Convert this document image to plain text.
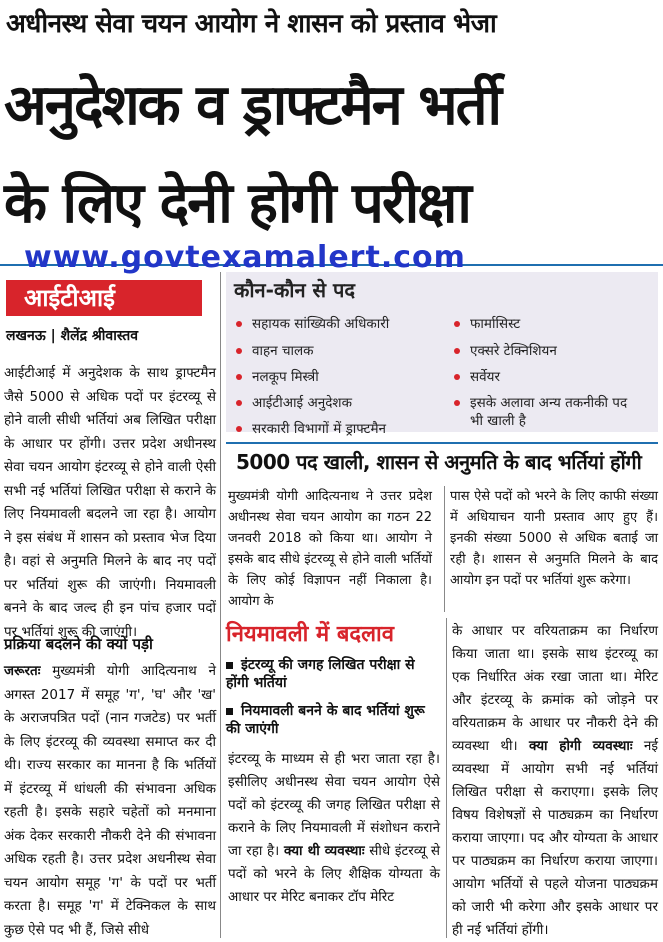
अधीनस्थ सेवा चयन आयोग ने शासन को प्रस्ताव भेजा
अनुदेशक व ड्राफ्टमैन भर्ती
के लिए देनी होगी परीक्षा
www.govtexamalert.com
आईटीआई
लखनऊ | शैलेंद्र श्रीवास्तव
कौन-कौन से पद
सहायक सांख्यिकी अधिकारी
वाहन चालक
नलकूप मिस्त्री
आईटीआई अनुदेशक
सरकारी विभागों में ड्राफ्टमैन
फार्मासिस्ट
एक्सरे टेक्निशियन
सर्वेयर
इसके अलावा अन्य तकनीकी पद
भी खाली है
आईटीआई में अनुदेशक के साथ ड्राफ्टमैन जैसे 5000 से अधिक पदों पर इंटरव्यू से होने वाली सीधी भर्तियां अब लिखित परीक्षा के आधार पर होंगी। उत्तर प्रदेश अधीनस्थ सेवा चयन आयोग इंटरव्यू से होने वाली ऐसी सभी नई भर्तियां लिखित परीक्षा से कराने के लिए नियमावली बदलने जा रहा है। आयोग ने इस संबंध में शासन को प्रस्ताव भेज दिया है। वहां से अनुमति मिलने के बाद नए पदों पर भर्तियां शुरू की जाएंगी। नियमावली बनने के बाद जल्द ही इन पांच हजार पदों पर भर्तियां शुरू की जाएंगी।
प्रक्रिया बदलने की क्यों पड़ी
जरूरतः मुख्यमंत्री योगी आदित्यनाथ ने अगस्त 2017 में समूह 'ग', 'घ' और 'ख' के अराजपत्रित पदों (नान गजटेड) पर भर्ती के लिए इंटरव्यू की व्यवस्था समाप्त कर दी थी। राज्य सरकार का मानना है कि भर्तियों में इंटरव्यू में धांधली की संभावना अधिक रहती है। इसके सहारे चहेतों को मनमाना अंक देकर सरकारी नौकरी देने की संभावना अधिक रहती है। उत्तर प्रदेश अधनीस्थ सेवा चयन आयोग समूह 'ग' के पदों पर भर्ती करता है। समूह 'ग' में टेक्निकल के साथ कुछ ऐसे पद भी हैं, जिसे सीधे
5000 पद खाली, शासन से अनुमति के बाद भर्तियां होंगी
मुख्यमंत्री योगी आदित्यनाथ ने उत्तर प्रदेश अधीनस्थ सेवा चयन आयोग का गठन 22 जनवरी 2018 को किया था। आयोग ने इसके बाद सीधे इंटरव्यू से होने वाली भर्तियों के लिए कोई विज्ञापन नहीं निकाला है। आयोग के
पास ऐसे पदों को भरने के लिए काफी संख्या में अधियाचन यानी प्रस्ताव आए हुए हैं। इनकी संख्या 5000 से अधिक बताई जा रही है। शासन से अनुमति मिलने के बाद आयोग इन पदों पर भर्तियां शुरू करेगा।
नियमावली में बदलाव
इंटरव्यू की जगह लिखित परीक्षा से होंगी भर्तियां
नियमावली बनने के बाद भर्तियां शुरू की जाएंगी
इंटरव्यू के माध्यम से ही भरा जाता रहा है। इसीलिए अधीनस्थ सेवा चयन आयोग ऐसे पदों को इंटरव्यू की जगह लिखित परीक्षा से कराने के लिए नियमावली में संशोधन कराने जा रहा है। क्या थी व्यवस्थाः सीधे इंटरव्यू से पदों को भरने के लिए शैक्षिक योग्यता के आधार पर मेरिट बनाकर टॉप मेरिट
के आधार पर वरियताक्रम का निर्धारण किया जाता था। इसके साथ इंटरव्यू का एक निर्धारित अंक रखा जाता था। मेरिट और इंटरव्यू के क्रमांक को जोड़ने पर वरियताक्रम के आधार पर नौकरी देने की व्यवस्था थी। क्या होगी व्यवस्थाः नई व्यवस्था में आयोग सभी नई भर्तियां लिखित परीक्षा से कराएगा। इसके लिए विषय विशेषज्ञों से पाठ्यक्रम का निर्धारण कराया जाएगा। पद और योग्यता के आधार पर पाठ्यक्रम का निर्धारण कराया जाएगा। आयोग भर्तियों से पहले योजना पाठ्यक्रम को जारी भी करेगा और इसके आधार पर ही नई भर्तियां होंगी।
